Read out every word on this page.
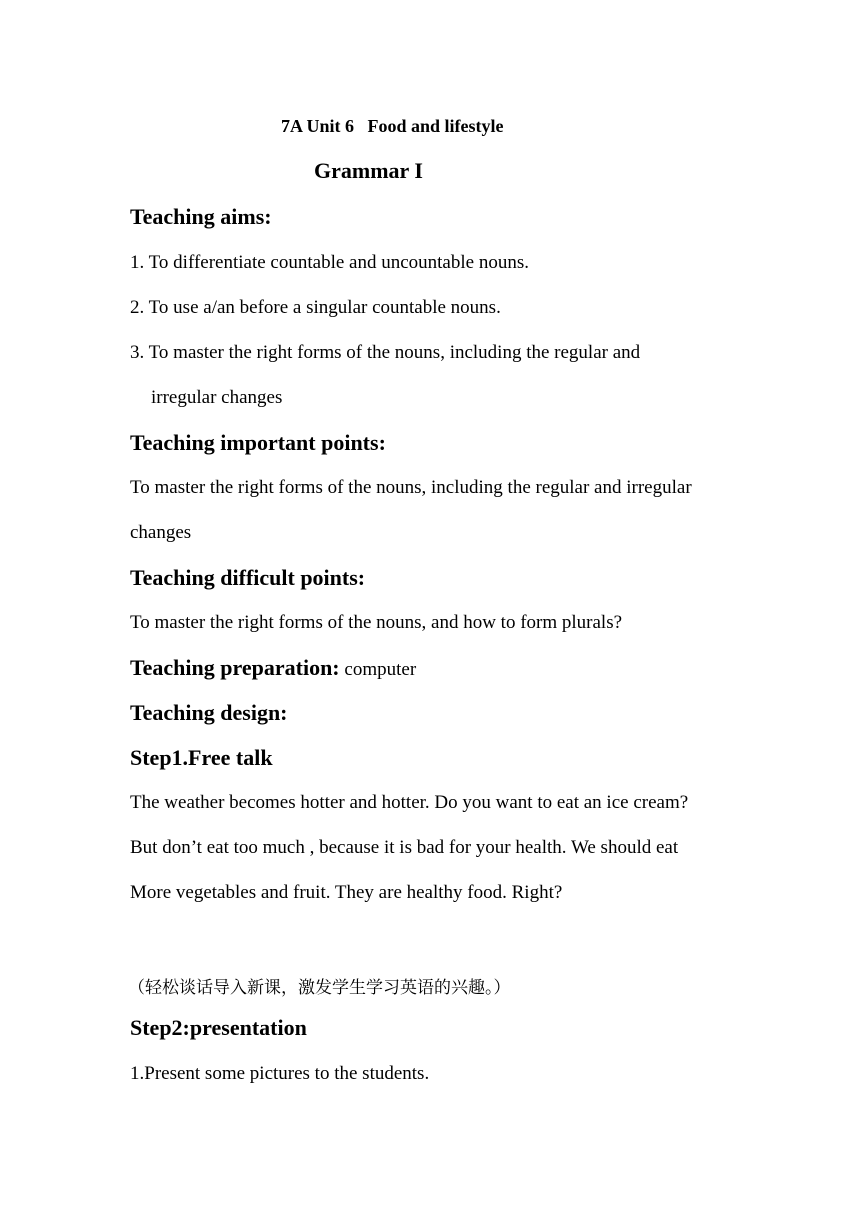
7A Unit 6   Food and lifestyle
Grammar I
Teaching aims:
1. To differentiate countable and uncountable nouns.
2. To use a/an before a singular countable nouns.
3. To master the right forms of the nouns, including the regular and
irregular changes
Teaching important points:
To master the right forms of the nouns, including the regular and irregular
changes
Teaching difficult points:
To master the right forms of the nouns, and how to form plurals?
Teaching preparation: computer
Teaching design:
Step1.Free talk
The weather becomes hotter and hotter. Do you want to eat an ice cream?
But don’t eat too much , because it is bad for your health. We should eat
More vegetables and fruit. They are healthy food. Right?
（轻松谈话导入新课，激发学生学习英语的兴趣。）
Step2:presentation
1.Present some pictures to the students.
